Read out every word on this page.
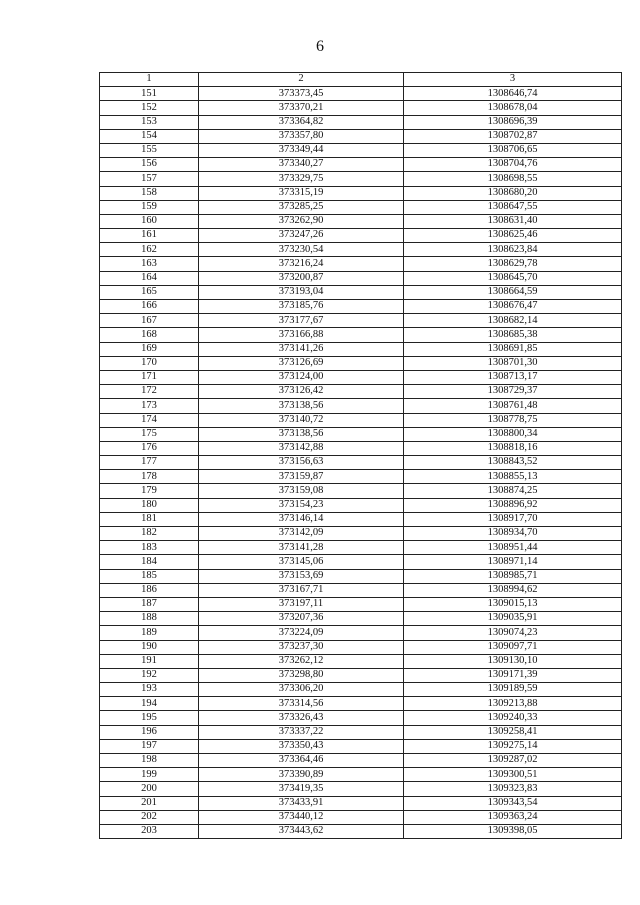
6
1	2	3
151	373373,45	1308646,74
152	373370,21	1308678,04
153	373364,82	1308696,39
154	373357,80	1308702,87
155	373349,44	1308706,65
156	373340,27	1308704,76
157	373329,75	1308698,55
158	373315,19	1308680,20
159	373285,25	1308647,55
160	373262,90	1308631,40
161	373247,26	1308625,46
162	373230,54	1308623,84
163	373216,24	1308629,78
164	373200,87	1308645,70
165	373193,04	1308664,59
166	373185,76	1308676,47
167	373177,67	1308682,14
168	373166,88	1308685,38
169	373141,26	1308691,85
170	373126,69	1308701,30
171	373124,00	1308713,17
172	373126,42	1308729,37
173	373138,56	1308761,48
174	373140,72	1308778,75
175	373138,56	1308800,34
176	373142,88	1308818,16
177	373156,63	1308843,52
178	373159,87	1308855,13
179	373159,08	1308874,25
180	373154,23	1308896,92
181	373146,14	1308917,70
182	373142,09	1308934,70
183	373141,28	1308951,44
184	373145,06	1308971,14
185	373153,69	1308985,71
186	373167,71	1308994,62
187	373197,11	1309015,13
188	373207,36	1309035,91
189	373224,09	1309074,23
190	373237,30	1309097,71
191	373262,12	1309130,10
192	373298,80	1309171,39
193	373306,20	1309189,59
194	373314,56	1309213,88
195	373326,43	1309240,33
196	373337,22	1309258,41
197	373350,43	1309275,14
198	373364,46	1309287,02
199	373390,89	1309300,51
200	373419,35	1309323,83
201	373433,91	1309343,54
202	373440,12	1309363,24
203	373443,62	1309398,05
